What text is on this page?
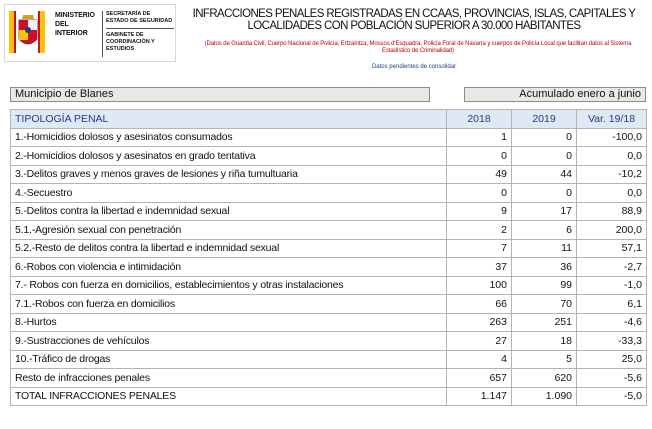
MINISTERIO
DEL INTERIOR
SECRETARÍA DE ESTADO DE SEGURIDAD
GABINETE DE COORDINACIÓN Y ESTUDIOS
INFRACCIONES PENALES REGISTRADAS EN CCAAS, PROVINCIAS, ISLAS, CAPITALES Y LOCALIDADES CON POBLACIÓN SUPERIOR A 30.000 HABITANTES
(Datos de Guardia Civil, Cuerpo Nacional de Policía, Ertzaintza, Mossos d'Esquadra, Policía Foral de Navarra y cuerpos de Policía Local que facilitan datos al Sistema Estadístico de Criminalidad)
Datos pendientes de consolidar
Municipio de Blanes	Acumulado enero a junio
TIPOLOGÍA PENAL	2018	2019	Var. 19/18
1.-Homicidios dolosos y asesinatos consumados	1	0	-100,0
2.-Homicidios dolosos y asesinatos en grado tentativa	0	0	0,0
3.-Delitos graves y menos graves de lesiones y riña tumultuaria	49	44	-10,2
4.-Secuestro	0	0	0,0
5.-Delitos contra la libertad e indemnidad sexual	9	17	88,9
5.1.-Agresión sexual con penetración	2	6	200,0
5.2.-Resto de delitos contra la libertad e indemnidad sexual	7	11	57,1
6.-Robos con violencia e intimidación	37	36	-2,7
7.- Robos con fuerza en domicilios, establecimientos y otras instalaciones	100	99	-1,0
7.1.-Robos con fuerza en domicilios	66	70	6,1
8.-Hurtos	263	251	-4,6
9.-Sustracciones de vehículos	27	18	-33,3
10.-Tráfico de drogas	4	5	25,0
Resto de infracciones penales	657	620	-5,6
TOTAL INFRACCIONES PENALES	1.147	1.090	-5,0
